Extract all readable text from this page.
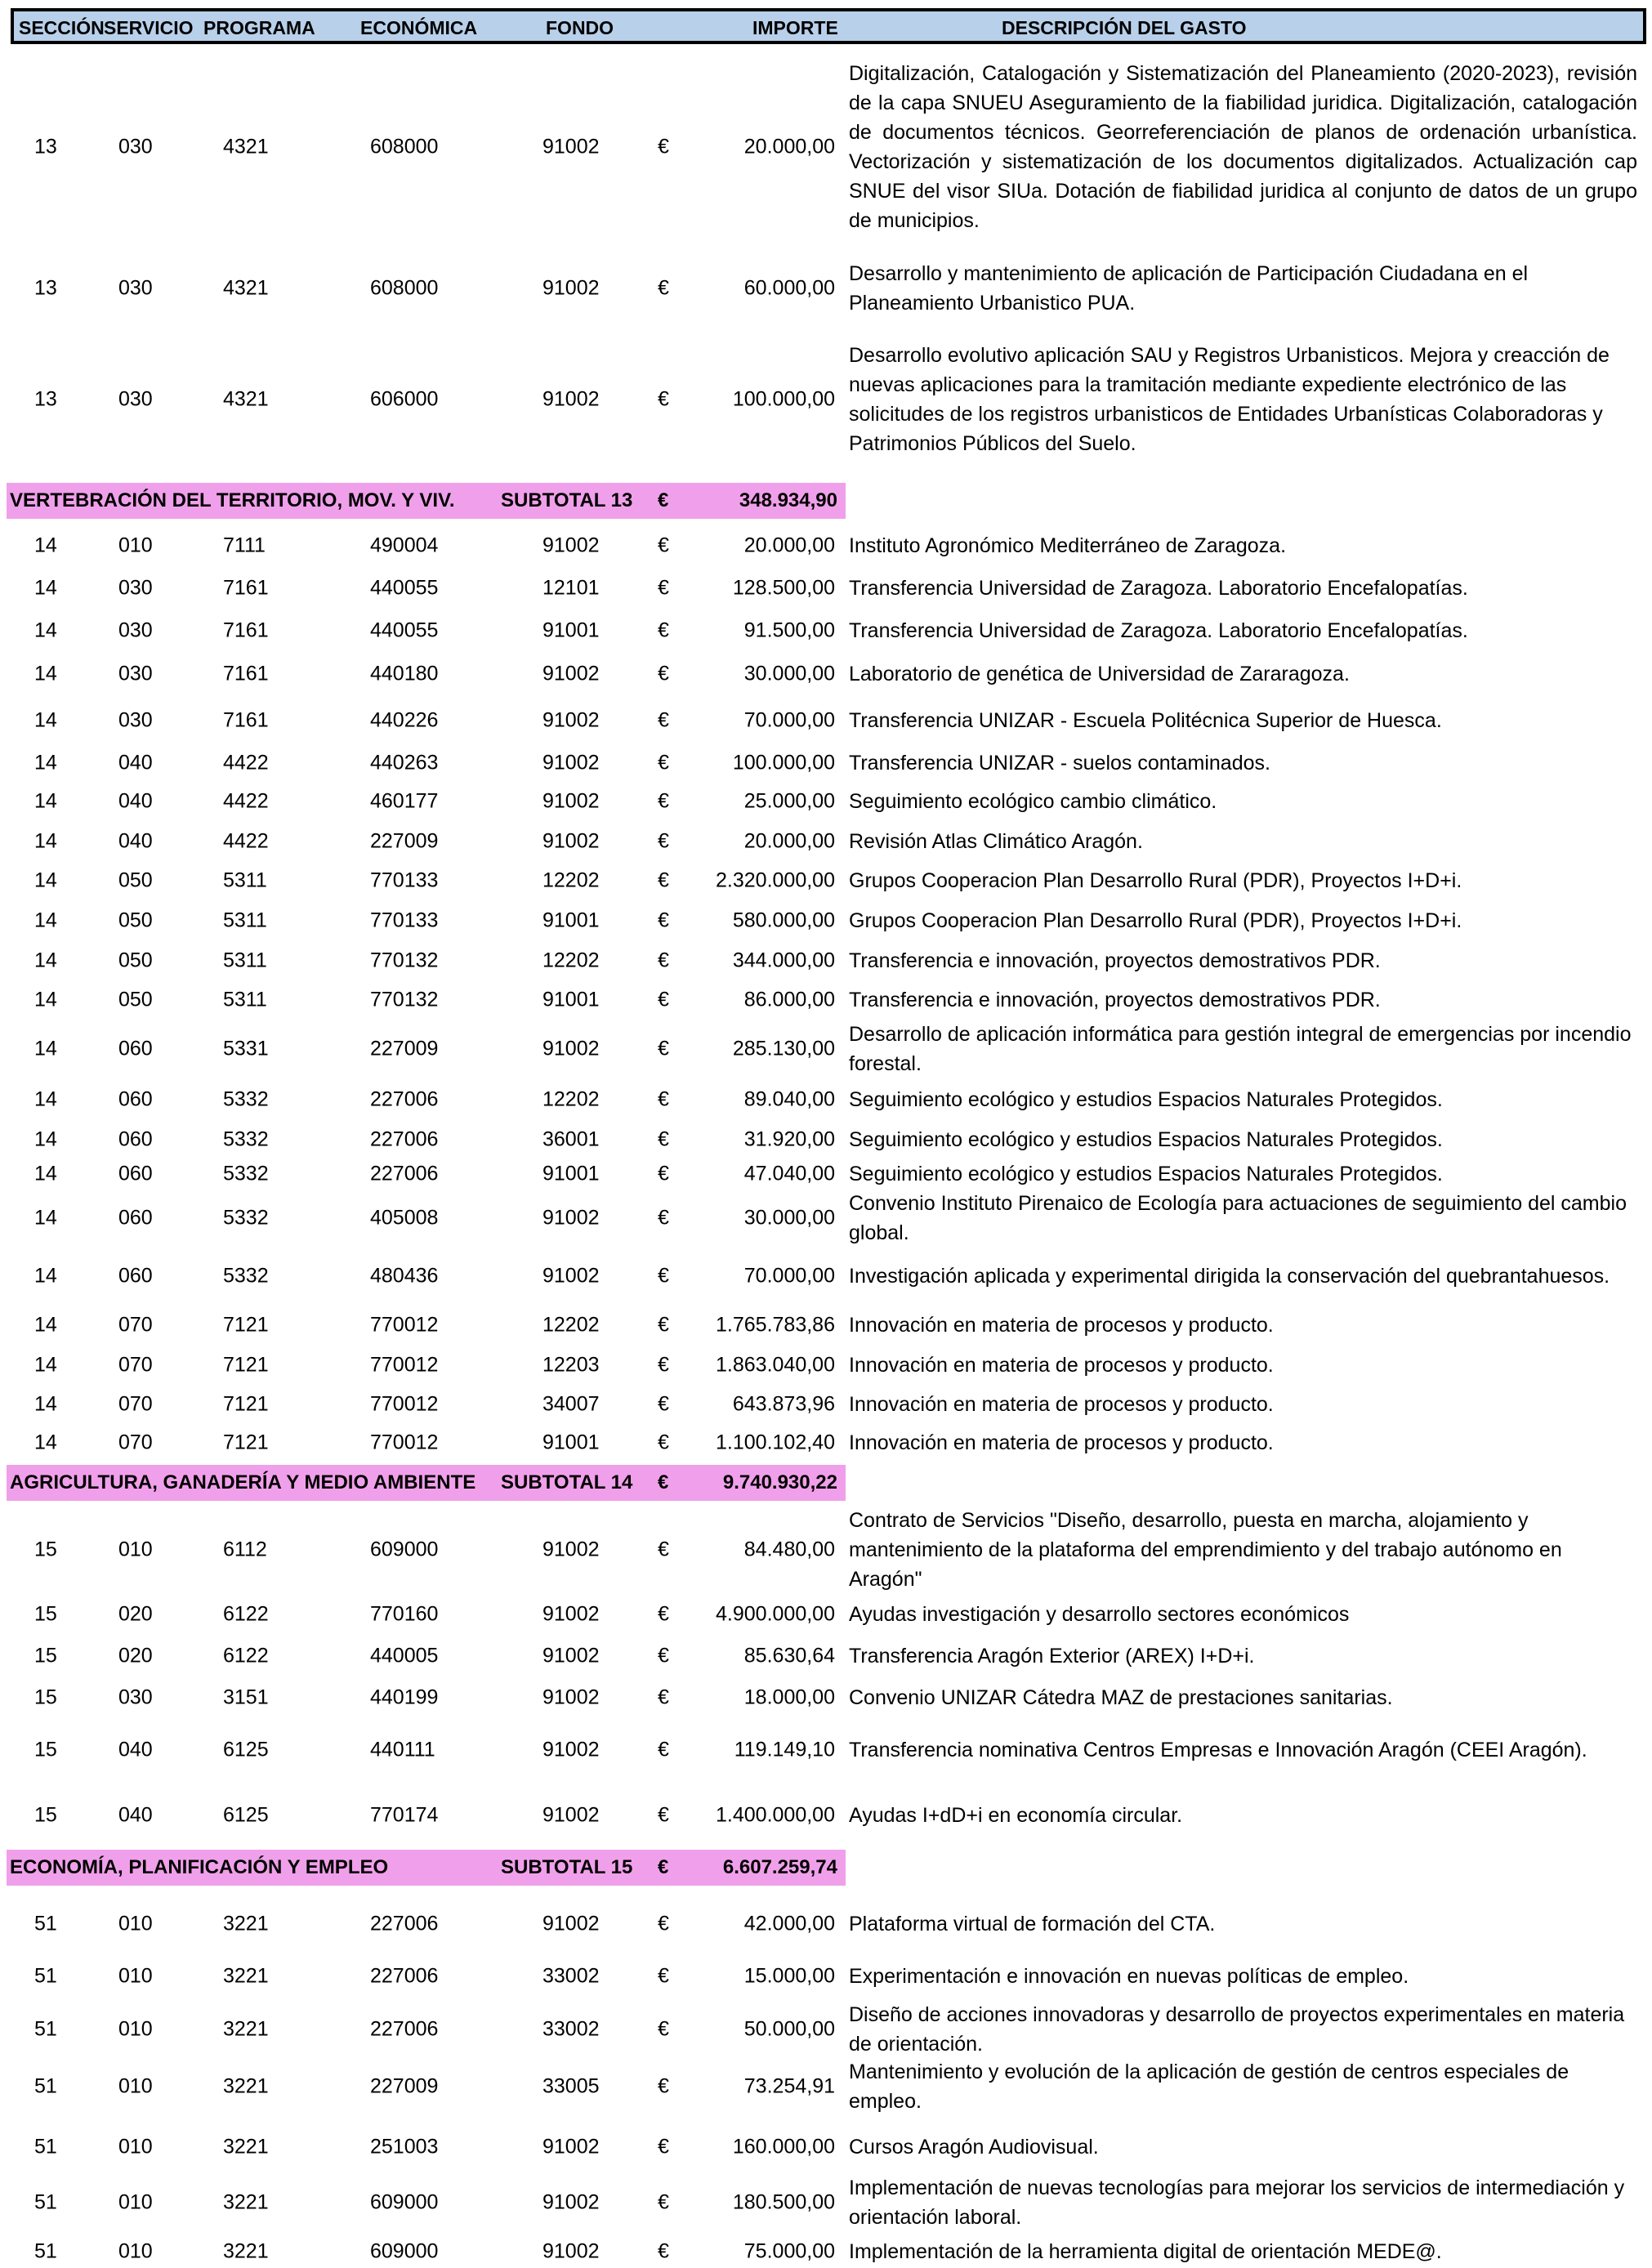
SECCIÓN SERVICIO PROGRAMA ECONÓMICA	FONDO	IMPORTE	DESCRIPCIÓN DEL GASTO
13	030	4321	608000	91002	€	20.000,00
Digitalización, Catalogación y Sistematización del Planeamiento (2020-2023), revisión de la capa SNUEU Aseguramiento de la fiabilidad juridica. Digitalización, catalogación de documentos técnicos. Georreferenciación de planos de ordenación urbanística. Vectorización y sistematización de los documentos digitalizados. Actualización cap SNUE del visor SIUa. Dotación de fiabilidad juridica al conjunto de datos de un grupo de municipios.
13	030	4321	608000	91002	€	60.000,00
Desarrollo y mantenimiento de aplicación de Participación Ciudadana en el Planeamiento Urbanistico PUA.
13	030	4321	606000	91002	€	100.000,00
Desarrollo evolutivo aplicación SAU y Registros Urbanisticos. Mejora y creacción de nuevas aplicaciones para la tramitación mediante expediente electrónico de las solicitudes de los registros urbanisticos de Entidades Urbanísticas Colaboradoras y Patrimonios Públicos del Suelo.
VERTEBRACIÓN DEL TERRITORIO, MOV. Y VIV. SUBTOTAL 13 €	348.934,90
14	010	7111	490004	91002	€	20.000,00 Instituto Agronómico Mediterráneo de Zaragoza.
14	030	7161	440055	12101	€	128.500,00 Transferencia Universidad de Zaragoza. Laboratorio Encefalopatías.
14	030	7161	440055	91001	€	91.500,00 Transferencia Universidad de Zaragoza. Laboratorio Encefalopatías.
14	030	7161	440180	91002	€	30.000,00 Laboratorio de genética de Universidad de Zararagoza.
14	030	7161	440226	91002	€	70.000,00 Transferencia UNIZAR - Escuela Politécnica Superior de Huesca.
14	040	4422	440263	91002	€	100.000,00 Transferencia UNIZAR - suelos contaminados.
14	040	4422	460177	91002	€	25.000,00 Seguimiento ecológico cambio climático.
14	040	4422	227009	91002	€	20.000,00 Revisión Atlas Climático Aragón.
14	050	5311	770133	12202	€ 2.320.000,00 Grupos Cooperacion Plan Desarrollo Rural (PDR), Proyectos I+D+i.
14	050	5311	770133	91001	€	580.000,00 Grupos Cooperacion Plan Desarrollo Rural (PDR), Proyectos I+D+i.
14	050	5311	770132	12202	€	344.000,00 Transferencia e innovación, proyectos demostrativos PDR.
14	050	5311	770132	91001	€	86.000,00 Transferencia e innovación, proyectos demostrativos PDR.
14	060	5331	227009	91002	€	285.130,00
Desarrollo de aplicación informática para gestión integral de emergencias por incendio forestal.
14	060	5332	227006	12202	€	89.040,00 Seguimiento ecológico y estudios Espacios Naturales Protegidos.
14	060	5332	227006	36001	€	31.920,00 Seguimiento ecológico y estudios Espacios Naturales Protegidos.
14	060	5332	227006	91001	€	47.040,00 Seguimiento ecológico y estudios Espacios Naturales Protegidos.
14	060	5332	405008	91002	€	30.000,00
Convenio Instituto Pirenaico de Ecología para actuaciones de seguimiento del cambio global.
14	060	5332	480436	91002	€	70.000,00 Investigación aplicada y experimental dirigida la conservación del quebrantahuesos.
14	070	7121	770012	12202	€ 1.765.783,86 Innovación en materia de procesos y producto.
14	070	7121	770012	12203	€ 1.863.040,00 Innovación en materia de procesos y producto.
14	070	7121	770012	34007	€	643.873,96 Innovación en materia de procesos y producto.
14	070	7121	770012	91001	€ 1.100.102,40 Innovación en materia de procesos y producto.
AGRICULTURA, GANADERÍA Y MEDIO AMBIENTE SUBTOTAL 14 €	9.740.930,22
15	010	6112	609000	91002	€	84.480,00
Contrato de Servicios "Diseño, desarrollo, puesta en marcha, alojamiento y mantenimiento de la plataforma del emprendimiento y del trabajo autónomo en Aragón"
15	020	6122	770160	91002	€ 4.900.000,00 Ayudas investigación y desarrollo sectores económicos
15	020	6122	440005	91002	€	85.630,64 Transferencia Aragón Exterior (AREX) I+D+i.
15	030	3151	440199	91002	€	18.000,00 Convenio UNIZAR Cátedra MAZ de prestaciones sanitarias.
15	040	6125	440111	91002	€	119.149,10 Transferencia nominativa Centros Empresas e Innovación Aragón (CEEI Aragón).
15	040	6125	770174	91002	€ 1.400.000,00 Ayudas I+dD+i en economía circular.
ECONOMÍA, PLANIFICACIÓN Y EMPLEO	SUBTOTAL 15 €	6.607.259,74
51	010	3221	227006	91002	€	42.000,00 Plataforma virtual de formación del CTA.
51	010	3221	227006	33002	€	15.000,00 Experimentación e innovación en nuevas políticas de empleo.
51	010	3221	227006	33002	€	50.000,00
Diseño de acciones innovadoras y desarrollo de proyectos experimentales en materia de orientación.
51	010	3221	227009	33005	€	73.254,91
Mantenimiento y evolución de la aplicación de gestión de centros especiales de empleo.
51	010	3221	251003	91002	€	160.000,00 Cursos Aragón Audiovisual.
51	010	3221	609000	91002	€	180.500,00
Implementación de nuevas tecnologías para mejorar los servicios de intermediación y orientación laboral.
51	010	3221	609000	91002	€	75.000,00 Implementación de la herramienta digital de orientación MEDE@.
